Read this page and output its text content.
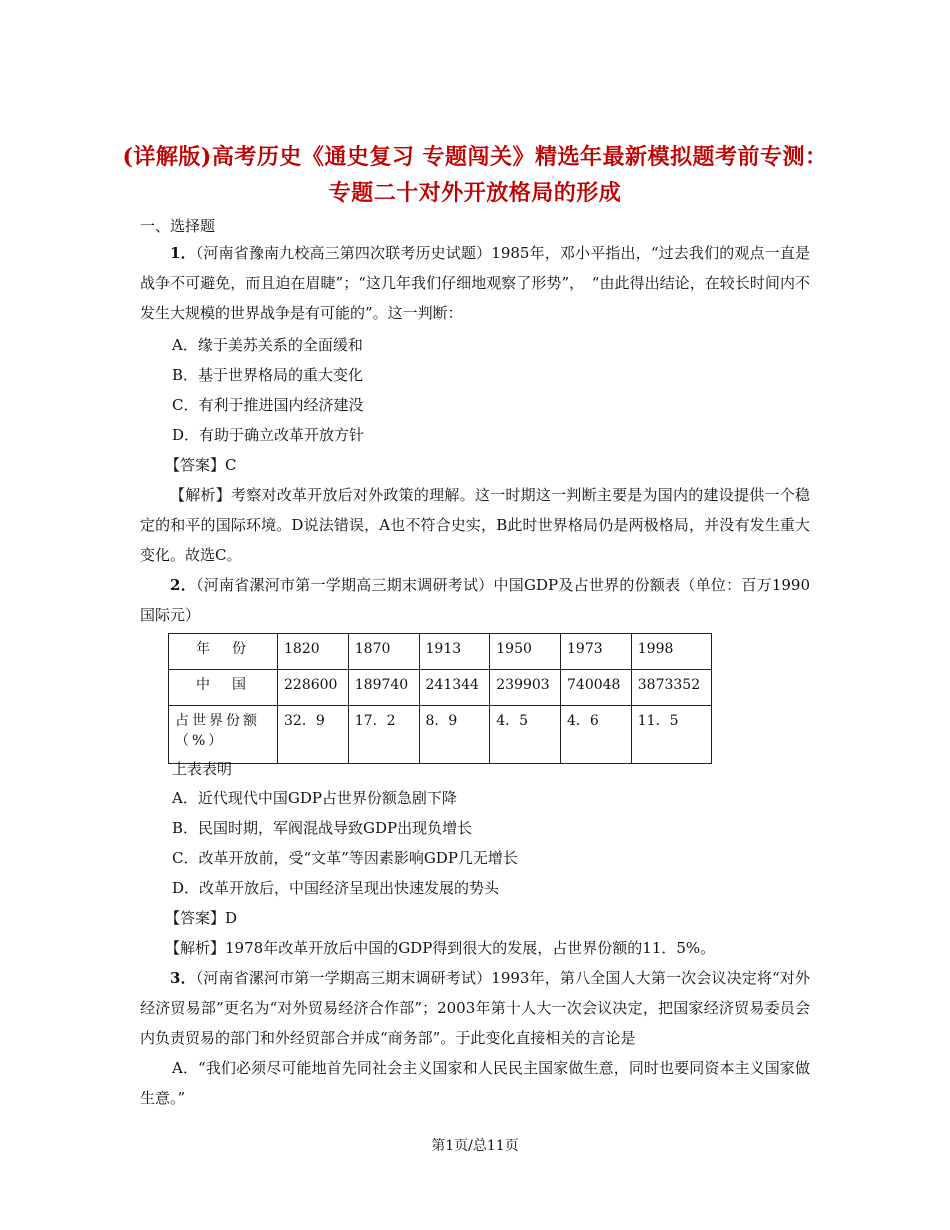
(详解版)高考历史《通史复习 专题闯关》精选年最新模拟题考前专测：
专题二十对外开放格局的形成
一、选择题
1．（河南省豫南九校高三第四次联考历史试题）1985年，邓小平指出，“过去我们的观点一直是战争不可避免，而且迫在眉睫”；“这几年我们仔细地观察了形势”，　“由此得出结论，在较长时间内不发生大规模的世界战争是有可能的”。这一判断：
A．缘于美苏关系的全面缓和
B．基于世界格局的重大变化
C．有利于推进国内经济建没
D．有助于确立改革开放方针
【答案】C
【解析】考察对改革开放后对外政策的理解。这一时期这一判断主要是为国内的建设提供一个稳定的和平的国际环境。D说法错误，A也不符合史实，B此时世界格局仍是两极格局，并没有发生重大变化。故选C。
2．（河南省漯河市第一学期高三期末调研考试）中国GDP及占世界的份额表（单位：百万1990国际元）
年　份	1820	1870	1913	1950	1973	1998
中　国	228600	189740	241344	239903	740048	3873352
占世界份额（%）	32．9	17．2	8．9	4．5	4．6	11．5
上表表明
A．近代现代中国GDP占世界份额急剧下降
B．民国时期，军阀混战导致GDP出现负增长
C．改革开放前，受“文革”等因素影响GDP几无增长
D．改革开放后，中国经济呈现出快速发展的势头
【答案】D
【解析】1978年改革开放后中国的GDP得到很大的发展，占世界份额的11．5%。
3．（河南省漯河市第一学期高三期末调研考试）1993年，第八全国人大第一次会议决定将“对外经济贸易部”更名为“对外贸易经济合作部”；2003年第十人大一次会议决定，把国家经济贸易委员会内负责贸易的部门和外经贸部合并成“商务部”。于此变化直接相关的言论是
A．“我们必须尽可能地首先同社会主义国家和人民民主国家做生意，同时也要同资本主义国家做生意。”
第1页/总11页
